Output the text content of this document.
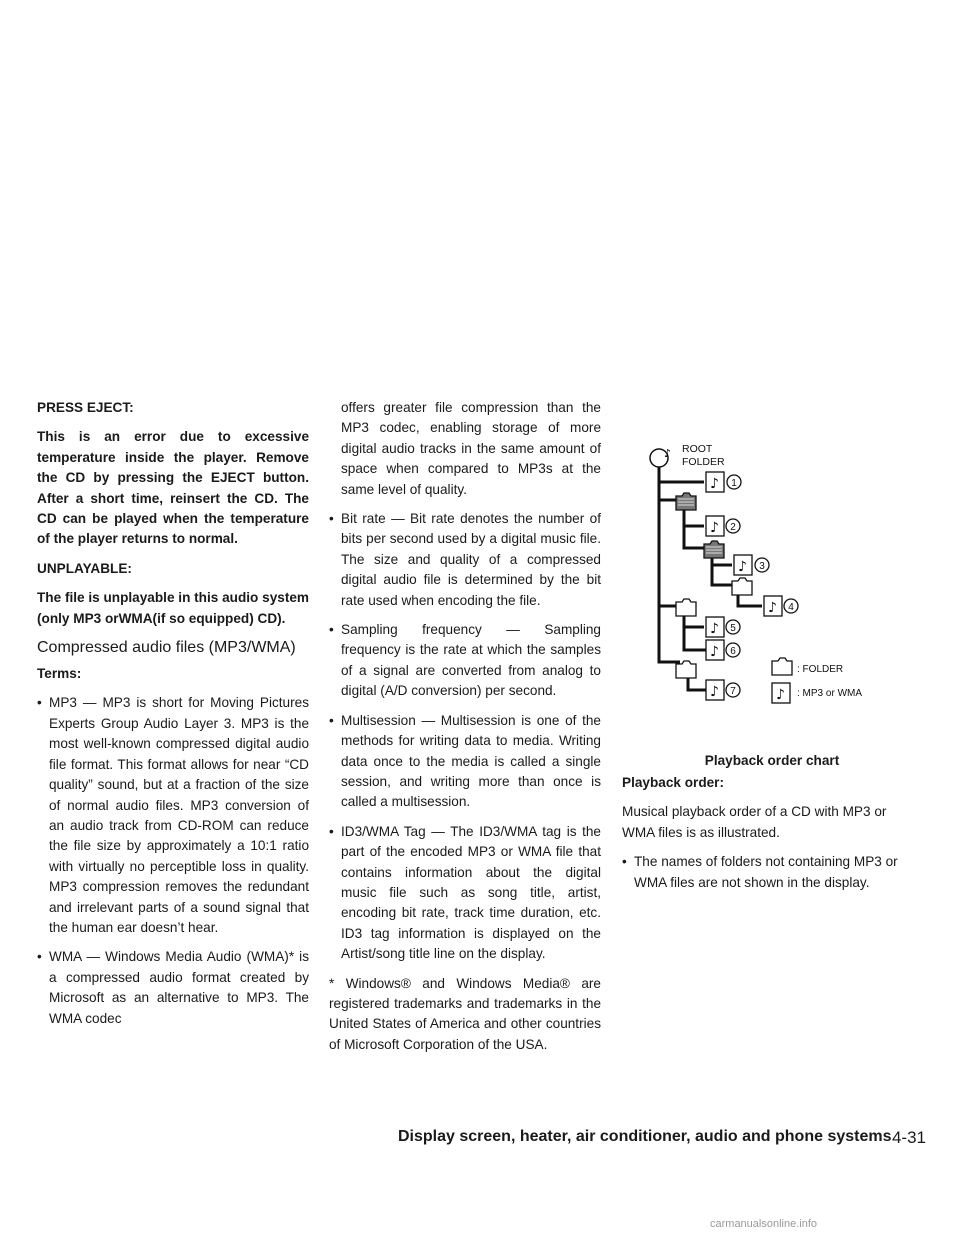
PRESS EJECT:

This is an error due to excessive temperature inside the player. Remove the CD by pressing the EJECT button. After a short time, reinsert the CD. The CD can be played when the temperature of the player returns to normal.

UNPLAYABLE:

The file is unplayable in this audio system (only MP3 orWMA(if so equipped) CD).

Compressed audio files (MP3/WMA)

Terms:

• MP3 — MP3 is short for Moving Pictures Experts Group Audio Layer 3. MP3 is the most well-known compressed digital audio file format. This format allows for near “CD quality” sound, but at a fraction of the size of normal audio files. MP3 conversion of an audio track from CD-ROM can reduce the file size by approximately a 10:1 ratio with virtually no perceptible loss in quality. MP3 compression removes the redundant and irrelevant parts of a sound signal that the human ear doesn’t hear.

• WMA — Windows Media Audio (WMA)* is a compressed audio format created by Microsoft as an alternative to MP3. The WMA codec

offers greater file compression than the MP3 codec, enabling storage of more digital audio tracks in the same amount of space when compared to MP3s at the same level of quality.

• Bit rate — Bit rate denotes the number of bits per second used by a digital music file. The size and quality of a compressed digital audio file is determined by the bit rate used when encoding the file.

• Sampling frequency — Sampling frequency is the rate at which the samples of a signal are converted from analog to digital (A/D conversion) per second.

• Multisession — Multisession is one of the methods for writing data to media. Writing data once to the media is called a single session, and writing more than once is called a multisession.

• ID3/WMA Tag — The ID3/WMA tag is the part of the encoded MP3 or WMA file that contains information about the digital music file such as song title, artist, encoding bit rate, track time duration, etc. ID3 tag information is displayed on the Artist/song title line on the display.

* Windows® and Windows Media® are registered trademarks and trademarks in the United States of America and other countries of Microsoft Corporation of the USA.

♪
♪ ROOT
FOLDER
1
2
3
4
5
6
7
: FOLDER
: MP3 or WMA
Playback order chart

Playback order:

Musical playback order of a CD with MP3 or WMA files is as illustrated.

• The names of folders not containing MP3 or WMA files are not shown in the display.

Display screen, heater, air conditioner, audio and phone systems 4-31
carmanualsonline.info
